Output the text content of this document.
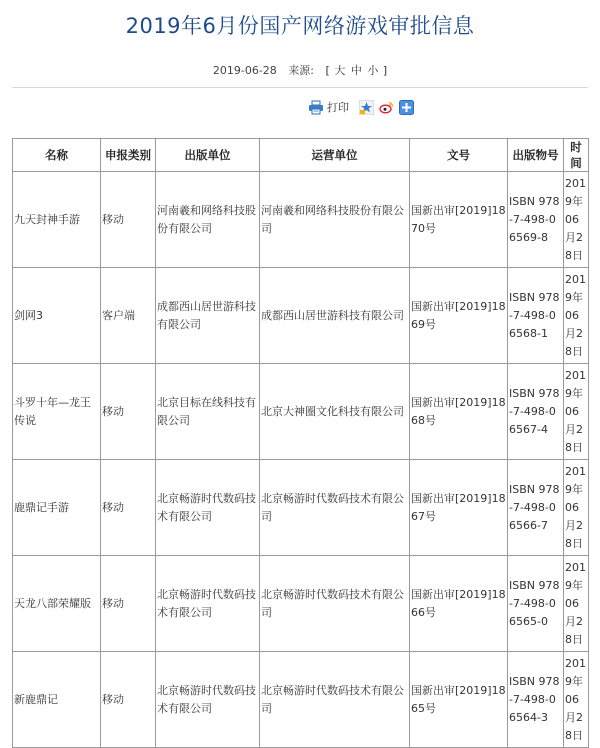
2019年6月份国产网络游戏审批信息
2019-06-28 来源: [ 大 中 小 ]
打印
名称	申报类别	出版单位	运营单位	文号	出版物号	时间
九天封神手游	移动	河南羲和网络科技股份有限公司	河南羲和网络科技股份有限公司	国新出审[2019]1870号	ISBN 978-7-498-06569-8	2019年06月28日
剑网3	客户端	成都西山居世游科技有限公司	成都西山居世游科技有限公司	国新出审[2019]1869号	ISBN 978-7-498-06568-1	2019年06月28日
斗罗十年—龙王传说	移动	北京目标在线科技有限公司	北京大神圈文化科技有限公司	国新出审[2019]1868号	ISBN 978-7-498-06567-4	2019年06月28日
鹿鼎记手游	移动	北京畅游时代数码技术有限公司	北京畅游时代数码技术有限公司	国新出审[2019]1867号	ISBN 978-7-498-06566-7	2019年06月28日
天龙八部荣耀版	移动	北京畅游时代数码技术有限公司	北京畅游时代数码技术有限公司	国新出审[2019]1866号	ISBN 978-7-498-06565-0	2019年06月28日
新鹿鼎记	移动	北京畅游时代数码技术有限公司	北京畅游时代数码技术有限公司	国新出审[2019]1865号	ISBN 978-7-498-06564-3	2019年06月28日
